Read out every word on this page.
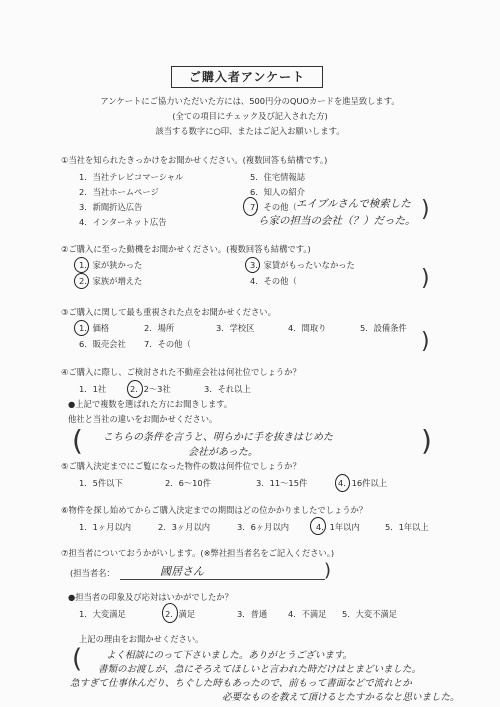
ご購入者アンケート
アンケートにご協力いただいた方には、500円分のQUOカードを進呈致します。
(全ての項目にチェック及び記入された方)
該当する数字に○印、またはご記入お願いします。
①当社を知られたきっかけをお聞かせください。(複数回答も結構です。)
1．当社テレビコマーシャル	5．住宅情報誌
2．当社ホームページ	6．知人の紹介
3．新聞折込広告	7．その他（ エイブルさんで検索した
ら家の担当の会社（？）だった。 )
4．インターネット広告
②ご購入に至った動機をお聞かせください。(複数回答も結構です。)
1．家が狭かった	3．家賃がもったいなかった
2．家族が増えた	4．その他（	)
③ご購入に関して最も重視された点をお聞かせください。
1．価格	2．場所	3．学校区	4．間取り	5．設備条件
6．販売会社 7．その他（	)
④ご購入に際し、ご検討された不動産会社は何社位でしょうか？
1．1社	2．2～3社	3．それ以上
●上記で複数を選ばれた方にお聞きします。
他社と当社の違いをお聞かせください。
( こちらの条件を言うと、明らかに手を抜きはじめた
会社があった。	)
⑤ご購入決定までにご覧になった物件の数は何件位でしょうか？
1．5件以下	2．6～10件	3．11～15件	4．16件以上
⑥物件を探し始めてからご購入決定までの期間はどの位かかりましたでしょうか？
1．1ヶ月以内	2．3ヶ月以内	3．6ヶ月以内	4．1年以内	5．1年以上
⑦担当者についておうかがいします。(※弊社担当者名をご記入ください。)
(担当者名：	國居さん	)
●担当者の印象及び応対はいかがでしたか？
1．大変満足	2．満足	3．普通	4．不満足 5．大変不満足
上記の理由をお聞かせください。
(	よく相談にのって下さいました。ありがとうございます。
書類のお渡しが、急にそろえてほしいと言われた時だけはとまどいました。
急すぎて仕事休んだり、ちぐした時もあったので、前もって書面などで流れとか
必要なものを教えて頂けるとたすかるなと思いました。
